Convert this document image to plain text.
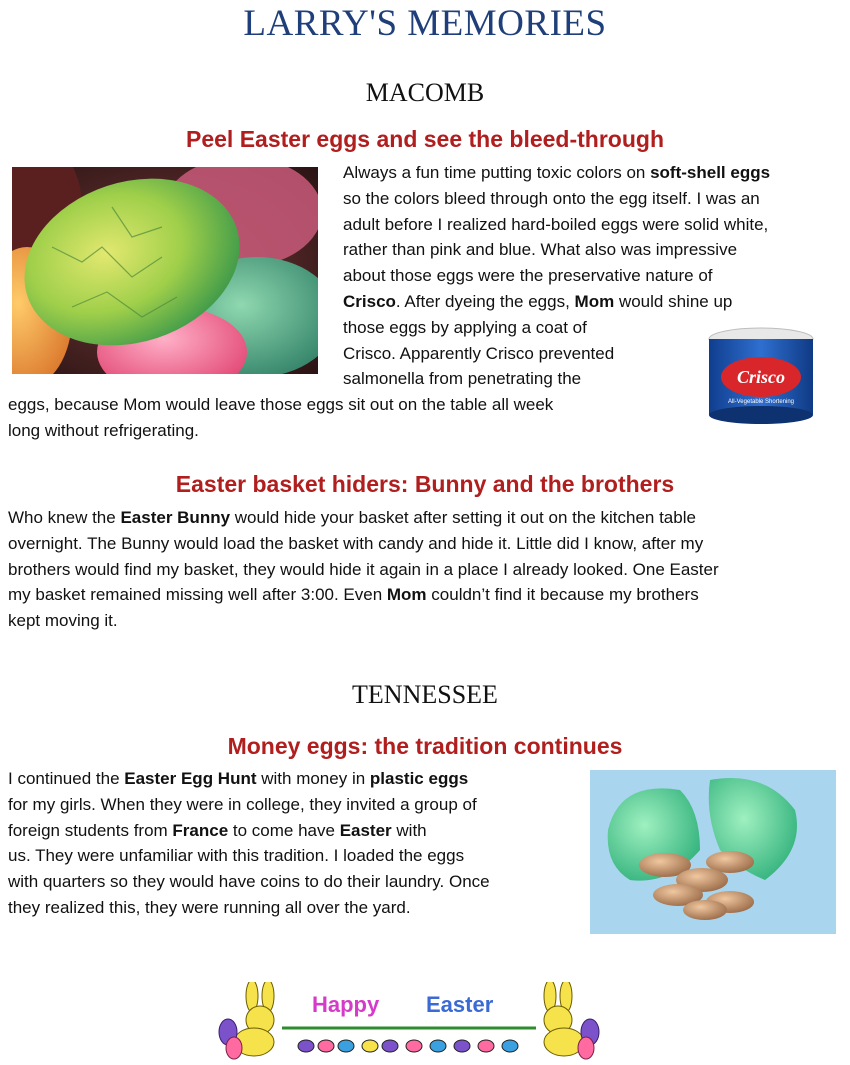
LARRY'S MEMORIES
MACOMB
Peel Easter eggs and see the bleed-through
Crisco
All-Vegetable Shortening
Always a fun time putting toxic colors on soft-shell eggs
so the colors bleed through onto the egg itself. I was an
adult before I realized hard-boiled eggs were solid white,
rather than pink and blue. What also was impressive
about those eggs were the preservative nature of
Crisco. After dyeing the eggs, Mom would shine up
those eggs by applying a coat of
Crisco. Apparently Crisco prevented
salmonella from penetrating the
eggs, because Mom would leave those eggs sit out on the table all week
long without refrigerating.
Easter basket hiders: Bunny and the brothers
Who knew the Easter Bunny would hide your basket after setting it out on the kitchen table
overnight. The Bunny would load the basket with candy and hide it. Little did I know, after my
brothers would find my basket, they would hide it again in a place I already looked. One Easter
my basket remained missing well after 3:00. Even Mom couldn’t find it because my brothers
kept moving it.
TENNESSEE
Money eggs: the tradition continues
I continued the Easter Egg Hunt with money in plastic eggs
for my girls. When they were in college, they invited a group of
foreign students from France to come have Easter with
us. They were unfamiliar with this tradition. I loaded the eggs
with quarters so they would have coins to do their laundry. Once
they realized this, they were running all over the yard.
Happy Easter
